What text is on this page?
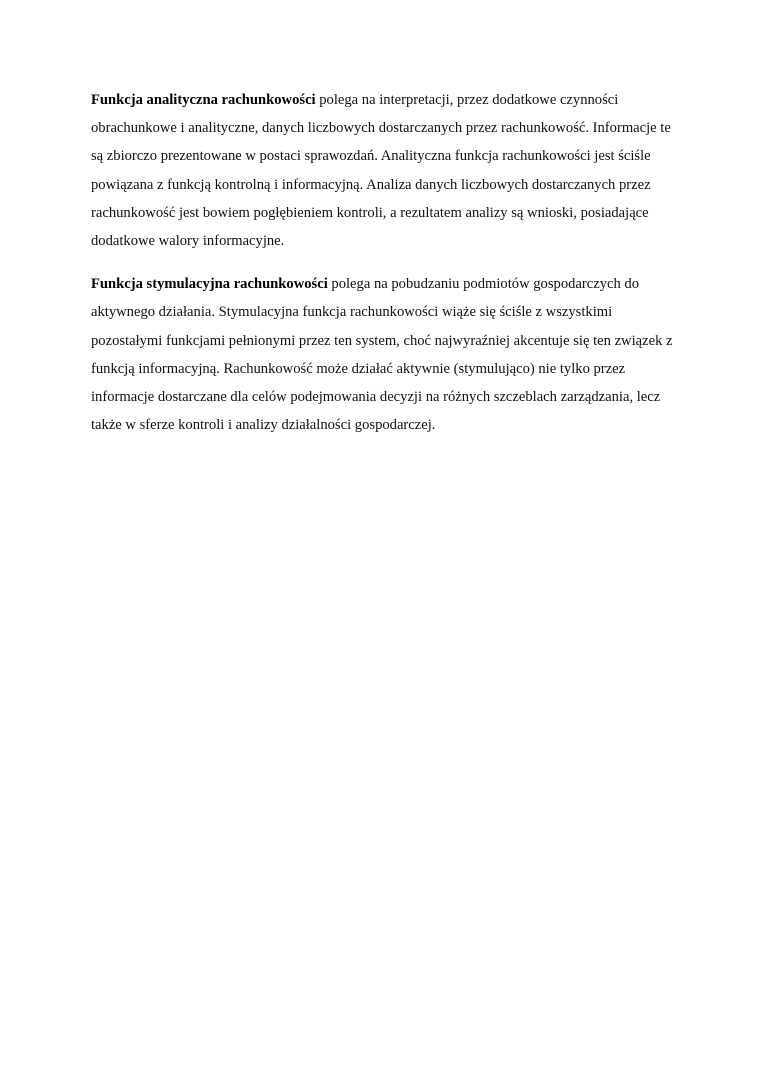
Funkcja analityczna rachunkowości polega na interpretacji, przez dodatkowe czynności obrachunkowe i analityczne, danych liczbowych dostarczanych przez rachunkowość. Informacje te są zbiorczo prezentowane w postaci sprawozdań. Analityczna funkcja rachunkowości jest ściśle powiązana z funkcją kontrolną i informacyjną. Analiza danych liczbowych dostarczanych przez rachunkowość jest bowiem pogłębieniem kontroli, a rezultatem analizy są wnioski, posiadające dodatkowe walory informacyjne.

Funkcja stymulacyjna rachunkowości polega na pobudzaniu podmiotów gospodarczych do aktywnego działania. Stymulacyjna funkcja rachunkowości wiąże się ściśle z wszystkimi pozostałymi funkcjami pełnionymi przez ten system, choć najwyraźniej akcentuje się ten związek z funkcją informacyjną. Rachunkowość może działać aktywnie (stymulująco) nie tylko przez informacje dostarczane dla celów podejmowania decyzji na różnych szczeblach zarządzania, lecz także w sferze kontroli i analizy działalności gospodarczej.
